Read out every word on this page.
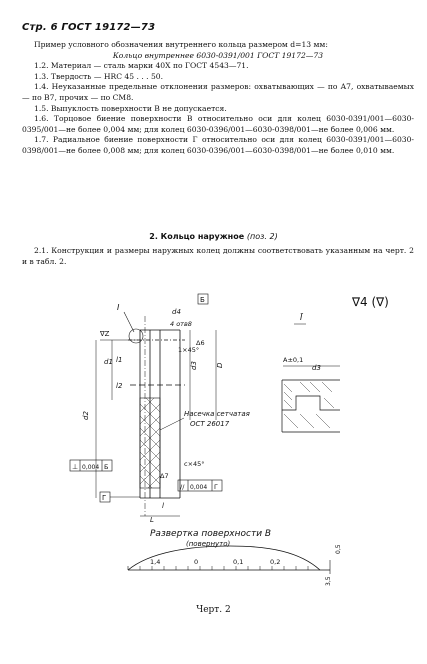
Стр. 6 ГОСТ 19172—73

Пример условного обозначения внутреннего кольца размером d=13 мм:

Кольцо внутреннее 6030-0391/001 ГОСТ 19172—73

1.2. Материал — сталь марки 40Х по ГОСТ 4543—71.

1.3. Твердость — HRC 45 . . . 50.

1.4. Неуказанные предельные отклонения размеров: охватывающих — по A7, охватываемых — по B7, прочих — по CM8.

1.5. Выпуклость поверхности В не допускается.

1.6. Торцовое биение поверхности В относительно оси для колец 6030-0391/001—6030-0395/001—не более 0,004 мм; для колец 6030-0396/001—6030-0398/001—не более 0,006 мм.

1.7. Радиальное биение поверхности Г относительно оси для колец 6030-0391/001—6030-0398/001—не более 0,008 мм; для колец 6030-0396/001—6030-0398/001—не более 0,010 мм.

2. Кольцо наружное (поз. 2)

2.1. Конструкция и размеры наружных колец должны соответствовать указанным на черт. 2 и в табл. 2.

∇4 (∇)
I
Б
∇Z
d4
4 отв8
1×45°
Δ6
d3	D
d1 l1
l2
d2	Насечка сетчатая
ОСТ 26017
c×45°
Δ7
l
L
⊥ 0,004 Б
// 0,004 Г
Г
Ī
A±0,1
d3
Развертка поверхности В
(повернуто)
1,4	0	0,1	0,2
0,5
3,5
Черт. 2
